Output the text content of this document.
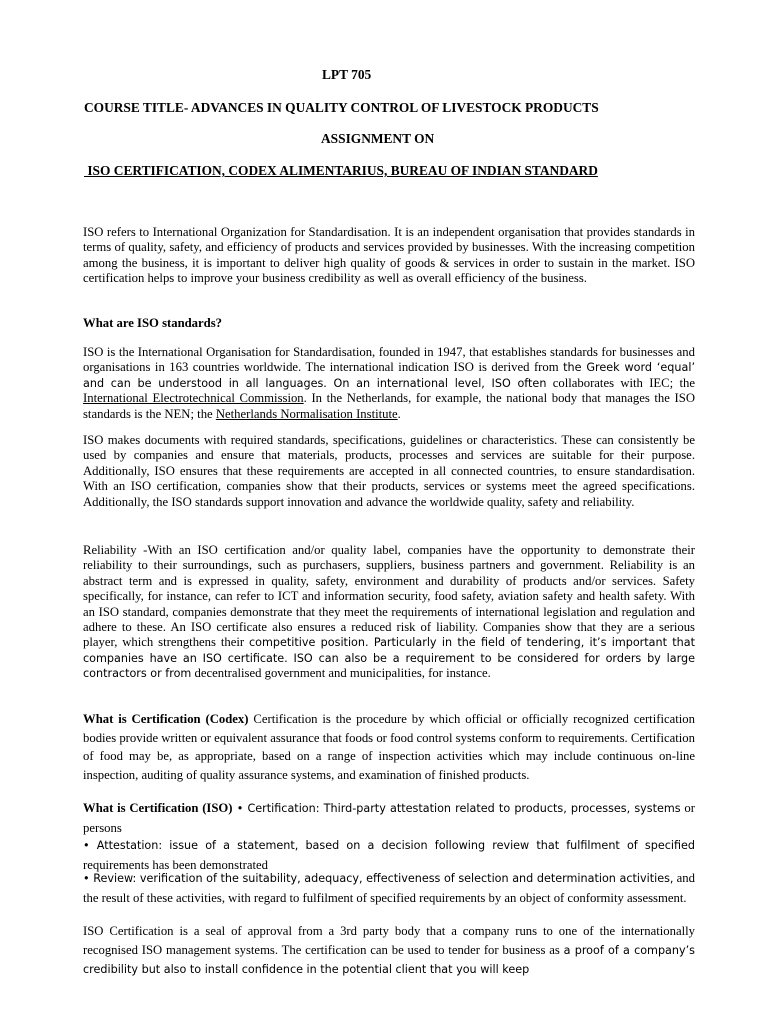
LPT 705
COURSE TITLE- ADVANCES IN QUALITY CONTROL OF LIVESTOCK PRODUCTS
ASSIGNMENT ON
ISO CERTIFICATION, CODEX ALIMENTARIUS, BUREAU OF INDIAN STANDARD
ISO refers to International Organization for Standardisation. It is an independent organisation that provides standards in terms of quality, safety, and efficiency of products and services provided by businesses. With the increasing competition among the business, it is important to deliver high quality of goods & services in order to sustain in the market. ISO certification helps to improve your business credibility as well as overall efficiency of the business.
What are ISO standards?
ISO is the International Organisation for Standardisation, founded in 1947, that establishes standards for businesses and organisations in 163 countries worldwide. The international indication ISO is derived from the Greek word ‘equal’ and can be understood in all languages. On an international level, ISO often collaborates with IEC; the International Electrotechnical Commission. In the Netherlands, for example, the national body that manages the ISO standards is the NEN; the Netherlands Normalisation Institute.
ISO makes documents with required standards, specifications, guidelines or characteristics. These can consistently be used by companies and ensure that materials, products, processes and services are suitable for their purpose. Additionally, ISO ensures that these requirements are accepted in all connected countries, to ensure standardisation. With an ISO certification, companies show that their products, services or systems meet the agreed specifications. Additionally, the ISO standards support innovation and advance the worldwide quality, safety and reliability.
Reliability -With an ISO certification and/or quality label, companies have the opportunity to demonstrate their reliability to their surroundings, such as purchasers, suppliers, business partners and government. Reliability is an abstract term and is expressed in quality, safety, environment and durability of products and/or services. Safety specifically, for instance, can refer to ICT and information security, food safety, aviation safety and health safety. With an ISO standard, companies demonstrate that they meet the requirements of international legislation and regulation and adhere to these. An ISO certificate also ensures a reduced risk of liability. Companies show that they are a serious player, which strengthens their competitive position. Particularly in the field of tendering, it’s important that companies have an ISO certificate. ISO can also be a requirement to be considered for orders by large contractors or from decentralised government and municipalities, for instance.
What is Certification (Codex) Certification is the procedure by which official or officially recognized certification bodies provide written or equivalent assurance that foods or food control systems conform to requirements. Certification of food may be, as appropriate, based on a range of inspection activities which may include continuous on-line inspection, auditing of quality assurance systems, and examination of finished products.
What is Certification (ISO) • Certification: Third-party attestation related to products, processes, systems or persons
• Attestation: issue of a statement, based on a decision following review that fulfilment of specified requirements has been demonstrated
• Review: verification of the suitability, adequacy, effectiveness of selection and determination activities, and the result of these activities, with regard to fulfilment of specified requirements by an object of conformity assessment.
ISO Certification is a seal of approval from a 3rd party body that a company runs to one of the internationally recognised ISO management systems. The certification can be used to tender for business as a proof of a company’s credibility but also to install confidence in the potential client that you will keep
